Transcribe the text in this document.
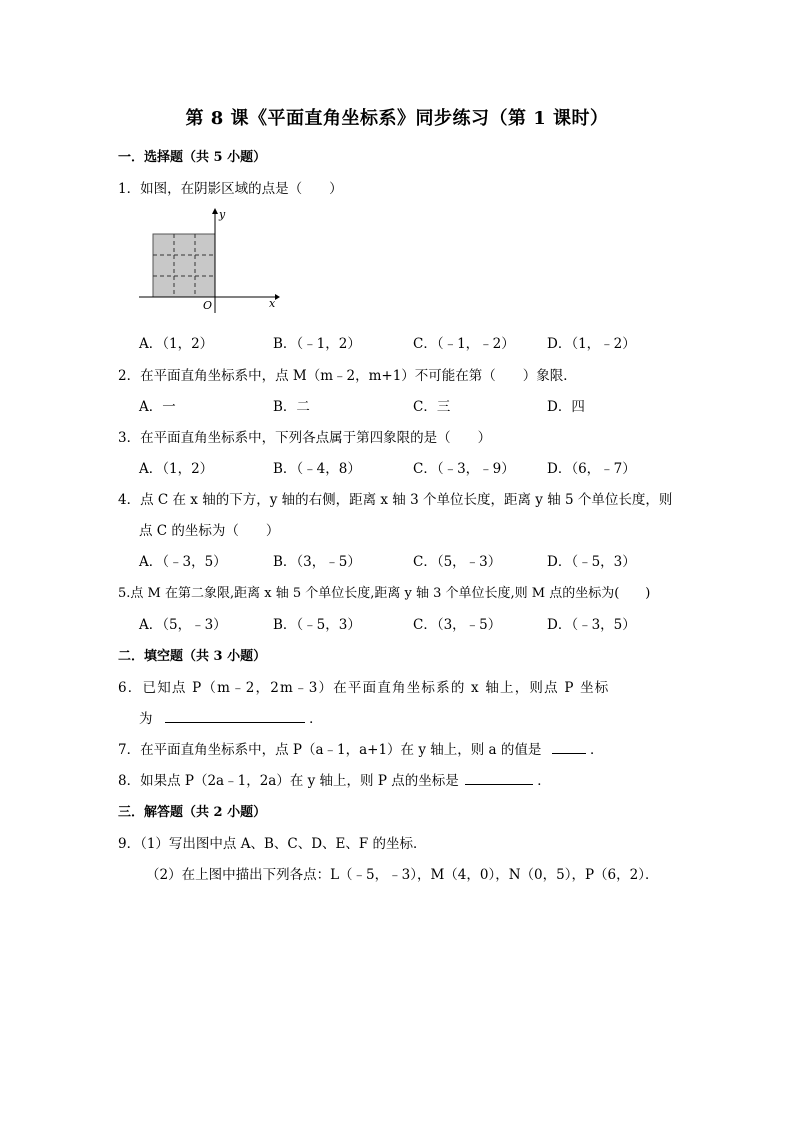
第 8 课《平面直角坐标系》同步练习（第 1 课时）
一．选择题（共 5 小题）
1．如图，在阴影区域的点是（　　）
x
y
O
A．（1，2）	B．（﹣1，2）	C．（﹣1，﹣2） D．（1，﹣2）
2．在平面直角坐标系中，点 M（m﹣2，m+1）不可能在第（　　）象限．
A．一	B．二	C．三	D．四
3．在平面直角坐标系中，下列各点属于第四象限的是（　　）
A．（1，2）	B．（﹣4，8）	C．（﹣3，﹣9） D．（6，﹣7）
4．点 C 在 x 轴的下方，y 轴的右侧，距离 x 轴 3 个单位长度，距离 y 轴 5 个单位长度，则
点 C 的坐标为（　　）
A．（﹣3，5）	B．（3，﹣5）	C．（5，﹣3）	D．（﹣5，3）
5.点 M 在第二象限,距离 x 轴 5 个单位长度,距离 y 轴 3 个单位长度,则 M 点的坐标为(　　)
A．（5，﹣3）	B．（﹣5，3）	C．（3，﹣5）	D．（﹣3，5）
二．填空题（共 3 小题）
6．已知点 P（m﹣2，2m﹣3）在平面直角坐标系的 x 轴上，则点 P 坐标
为	．
7．在平面直角坐标系中，点 P（a﹣1，a+1）在 y 轴上，则 a 的值是	．
8．如果点 P（2a﹣1，2a）在 y 轴上，则 P 点的坐标是	．
三．解答题（共 2 小题）
9．（1）写出图中点 A、B、C、D、E、F 的坐标．
（2）在上图中描出下列各点：L（﹣5，﹣3），M（4，0），N（0，5），P（6，2）．
